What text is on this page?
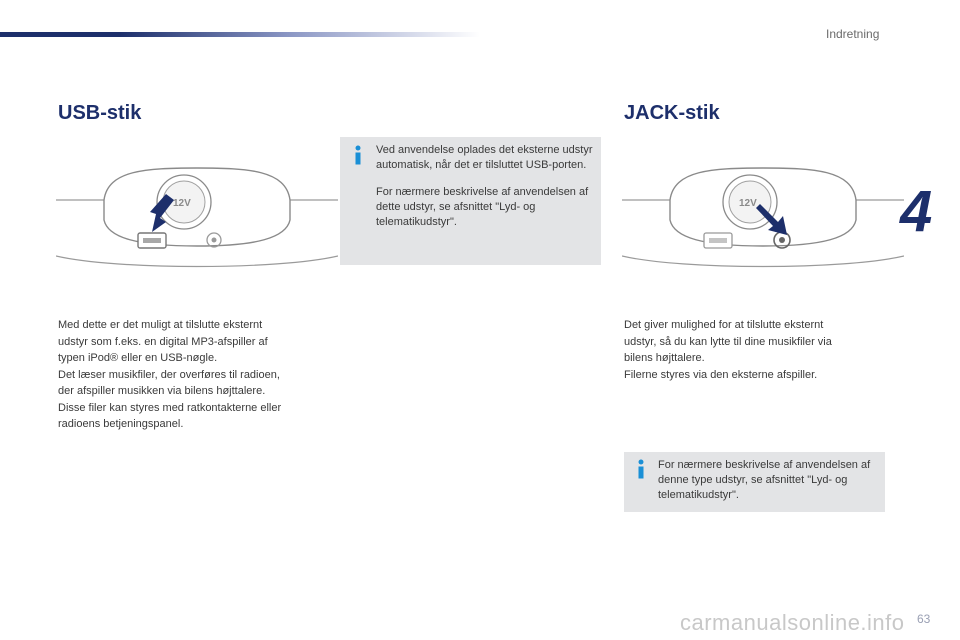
Indretning
4
USB-stik	JACK-stik
12V	12V
Med dette er det muligt at tilslutte eksternt
udstyr som f.eks. en digital MP3-afspiller af
typen iPod® eller en USB-nøgle.
Det læser musikfiler, der overføres til radioen,
der afspiller musikken via bilens højttalere.
Disse filer kan styres med ratkontakterne eller
radioens betjeningspanel.
Det giver mulighed for at tilslutte eksternt
udstyr, så du kan lytte til dine musikfiler via
bilens højttalere.
Filerne styres via den eksterne afspiller.

Ved anvendelse oplades det eksterne udstyr automatisk, når det er tilsluttet USB-porten.

For nærmere beskrivelse af anvendelsen af dette udstyr, se afsnittet "Lyd- og telematikudstyr".

For nærmere beskrivelse af anvendelsen af denne type udstyr, se afsnittet "Lyd- og telematikudstyr".

carmanualsonline.info 63
